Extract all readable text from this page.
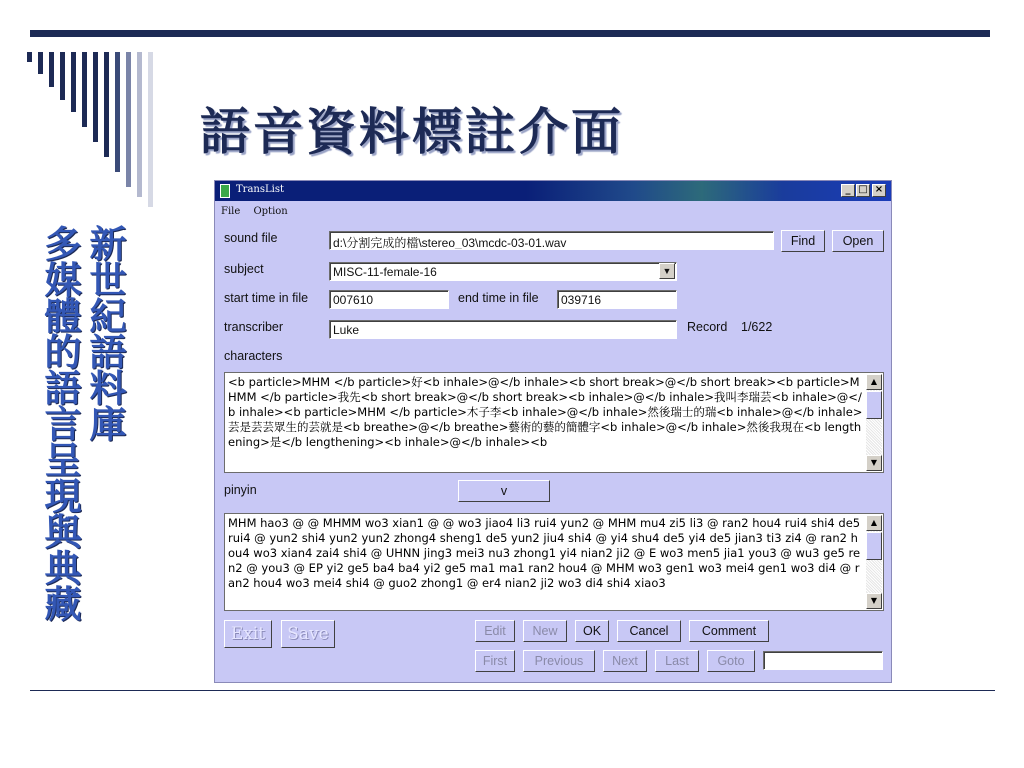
語音資料標註介面
多媒體的語言呈現與典藏
新世紀語料庫
TransList	_ □ ×
File Option
sound file	d:\分割完成的檔\stereo_03\mcdc-03-01.wav	Find	Open
subject	MISC-11-female-16	▼
start time in file	007610	end time in file	039716
transcriber	Luke	Record 1/622
characters
<b particle>MHM </b particle>好<b inhale>@</b inhale><b short break>@</b short break><b particle>MHMM </b particle>我先<b short break>@</b short break><b inhale>@</b inhale>我叫李瑞芸<b inhale>@</b inhale><b particle>MHM </b particle>木子李<b inhale>@</b inhale>然後瑞士的瑞<b inhale>@</b inhale>芸是芸芸眾生的芸就是<b breathe>@</b breathe>藝術的藝的簡體字<b inhale>@</b inhale>然後我現在<b lengthening>是</b lengthening><b inhale>@</b inhale><b
▲
▼
pinyin	v
MHM hao3 @ @ MHMM wo3 xian1 @ @ wo3 jiao4 li3 rui4 yun2 @ MHM mu4 zi5 li3 @ ran2 hou4 rui4 shi4 de5 rui4 @ yun2 shi4 yun2 yun2 zhong4 sheng1 de5 yun2 jiu4 shi4 @ yi4 shu4 de5 yi4 de5 jian3 ti3 zi4 @ ran2 hou4 wo3 xian4 zai4 shi4 @ UHNN jing3 mei3 nu3 zhong1 yi4 nian2 ji2 @ E wo3 men5 jia1 you3 @ wu3 ge5 ren2 @ you3 @ EP yi2 ge5 ba4 ba4 yi2 ge5 ma1 ma1 ran2 hou4 @ MHM wo3 gen1 wo3 mei4 gen1 wo3 di4 @ ran2 hou4 wo3 mei4 shi4 @ guo2 zhong1 @ er4 nian2 ji2 wo3 di4 shi4 xiao3
▲
▼
Exit	Save	Edit	New	OK	Cancel	Comment
First	Previous	Next	Last	Goto
